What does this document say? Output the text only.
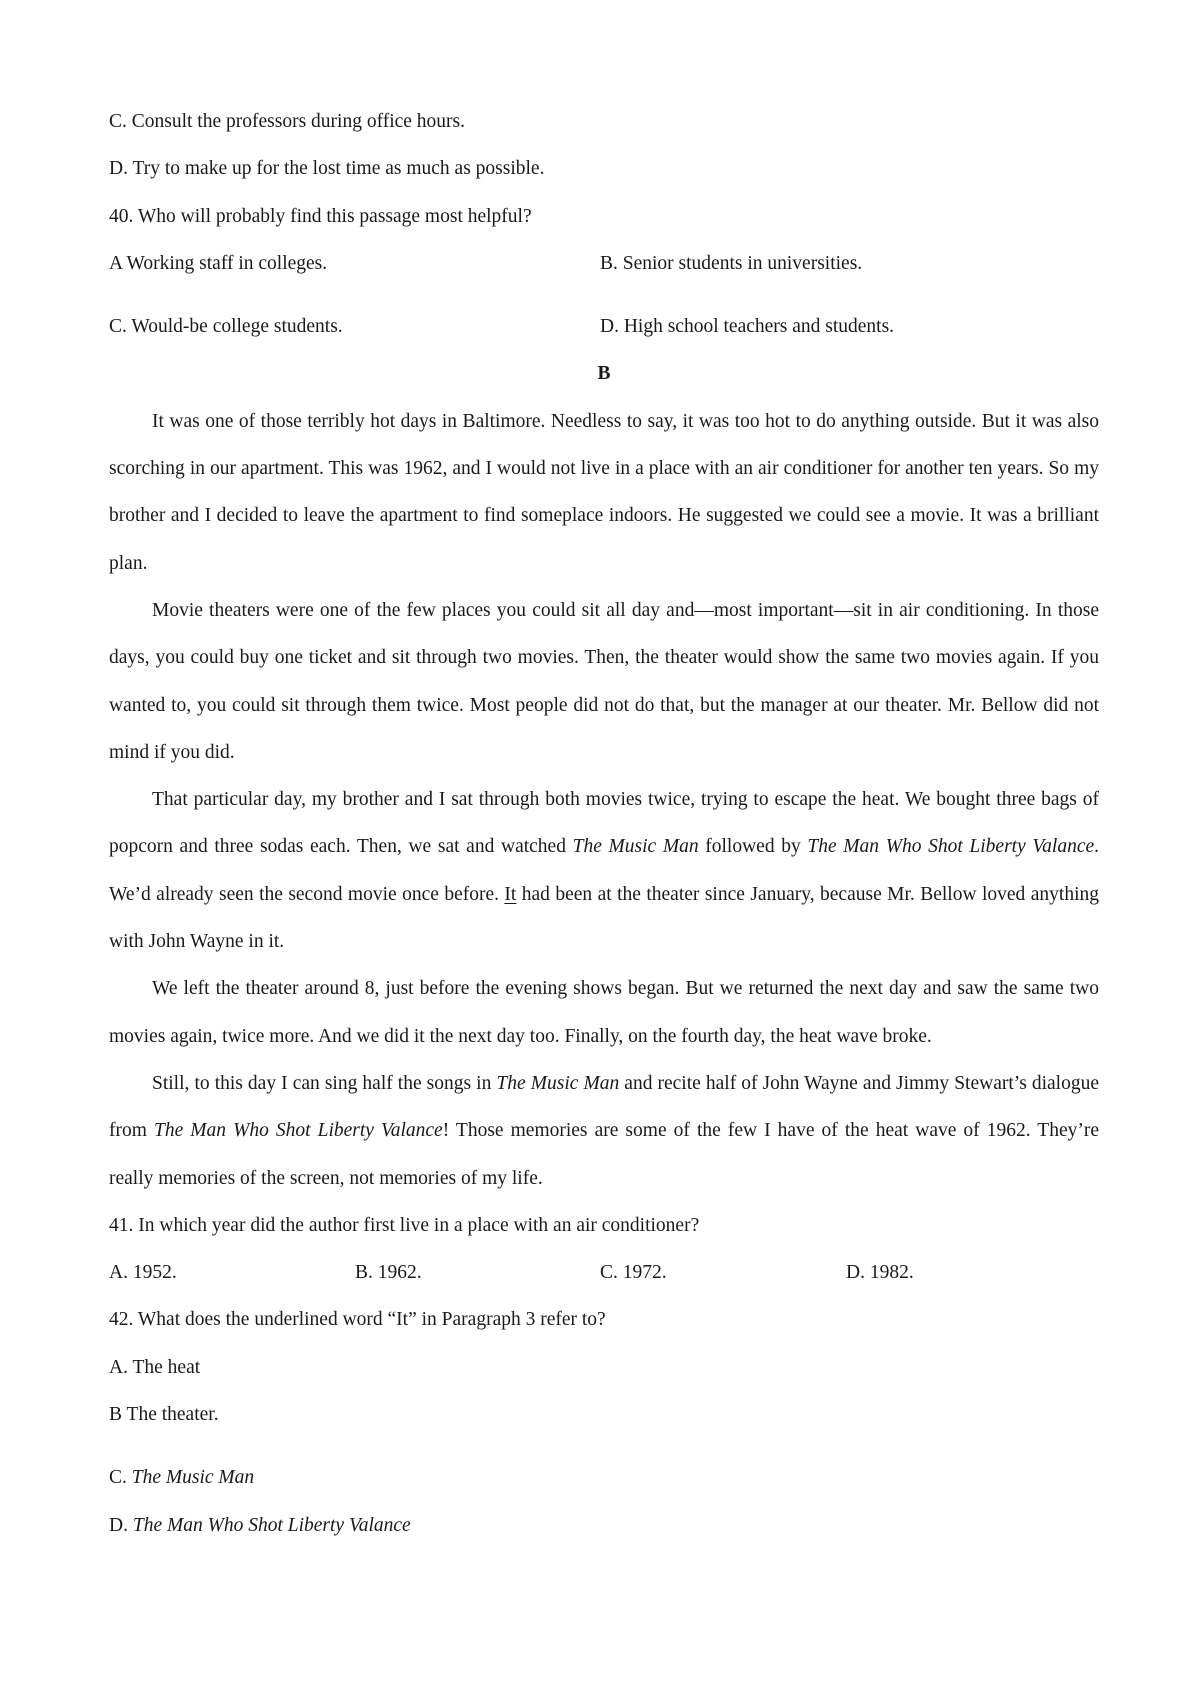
C. Consult the professors during office hours.

D. Try to make up for the lost time as much as possible.

40. Who will probably find this passage most helpful?

A Working staff in colleges.	B. Senior students in universities.
C. Would-be college students.	D. High school teachers and students.

B

It was one of those terribly hot days in Baltimore. Needless to say, it was too hot to do anything outside. But it was also scorching in our apartment. This was 1962, and I would not live in a place with an air conditioner for another ten years. So my brother and I decided to leave the apartment to find someplace indoors. He suggested we could see a movie. It was a brilliant plan.

Movie theaters were one of the few places you could sit all day and—most important—sit in air conditioning. In those days, you could buy one ticket and sit through two movies. Then, the theater would show the same two movies again. If you wanted to, you could sit through them twice. Most people did not do that, but the manager at our theater. Mr. Bellow did not mind if you did.

That particular day, my brother and I sat through both movies twice, trying to escape the heat. We bought three bags of popcorn and three sodas each. Then, we sat and watched The Music Man followed by The Man Who Shot Liberty Valance. We’d already seen the second movie once before. It had been at the theater since January, because Mr. Bellow loved anything with John Wayne in it.

We left the theater around 8, just before the evening shows began. But we returned the next day and saw the same two movies again, twice more. And we did it the next day too. Finally, on the fourth day, the heat wave broke.

Still, to this day I can sing half the songs in The Music Man and recite half of John Wayne and Jimmy Stewart’s dialogue from The Man Who Shot Liberty Valance! Those memories are some of the few I have of the heat wave of 1962. They’re really memories of the screen, not memories of my life.

41. In which year did the author first live in a place with an air conditioner?

A. 1952.	B. 1962.	C. 1972.	D. 1982.

42. What does the underlined word “It” in Paragraph 3 refer to?

A. The heat

B The theater.

C. The Music Man

D. The Man Who Shot Liberty Valance
